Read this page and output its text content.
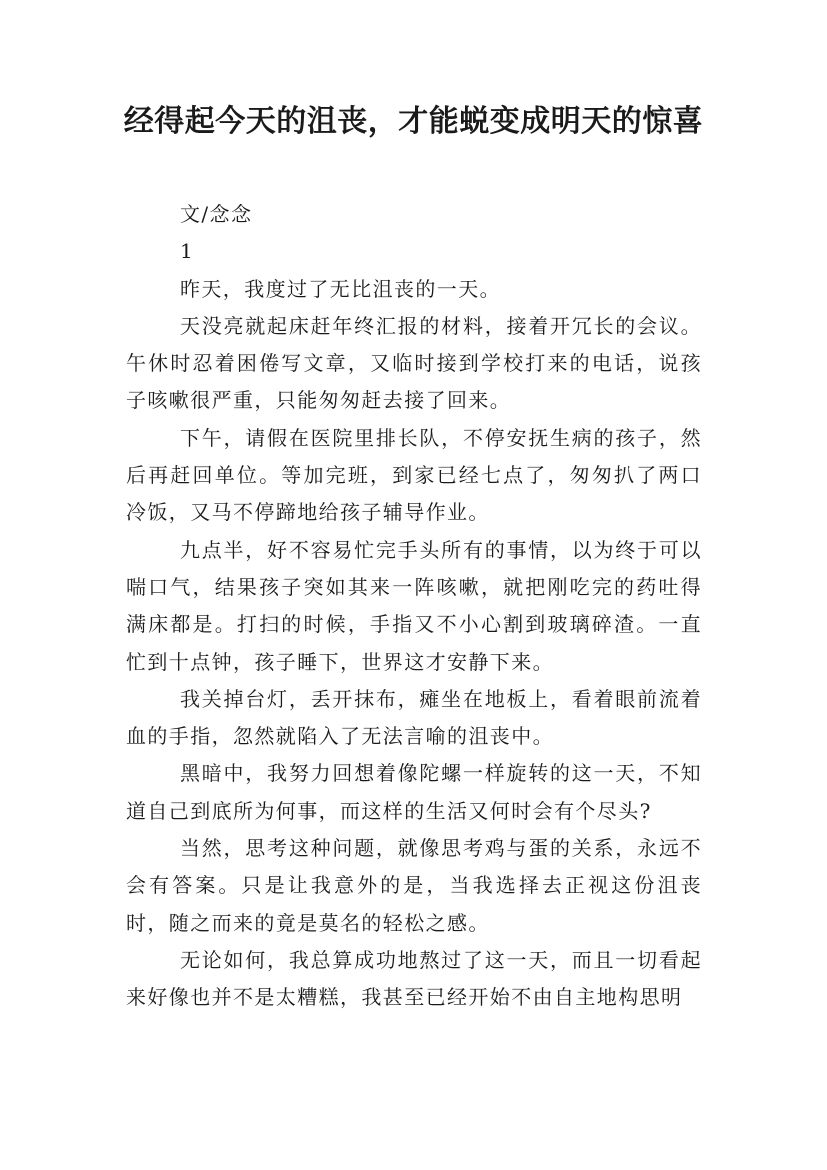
经得起今天的沮丧，才能蜕变成明天的惊喜

文/念念

1

昨天，我度过了无比沮丧的一天。

天没亮就起床赶年终汇报的材料，接着开冗长的会议。午休时忍着困倦写文章，又临时接到学校打来的电话，说孩子咳嗽很严重，只能匆匆赶去接了回来。

下午，请假在医院里排长队，不停安抚生病的孩子，然后再赶回单位。等加完班，到家已经七点了，匆匆扒了两口冷饭，又马不停蹄地给孩子辅导作业。

九点半，好不容易忙完手头所有的事情，以为终于可以喘口气，结果孩子突如其来一阵咳嗽，就把刚吃完的药吐得满床都是。打扫的时候，手指又不小心割到玻璃碎渣。一直忙到十点钟，孩子睡下，世界这才安静下来。

我关掉台灯，丢开抹布，瘫坐在地板上，看着眼前流着血的手指，忽然就陷入了无法言喻的沮丧中。

黑暗中，我努力回想着像陀螺一样旋转的这一天，不知道自己到底所为何事，而这样的生活又何时会有个尽头?

当然，思考这种问题，就像思考鸡与蛋的关系，永远不会有答案。只是让我意外的是，当我选择去正视这份沮丧时，随之而来的竟是莫名的轻松之感。

无论如何，我总算成功地熬过了这一天，而且一切看起来好像也并不是太糟糕，我甚至已经开始不由自主地构思明
